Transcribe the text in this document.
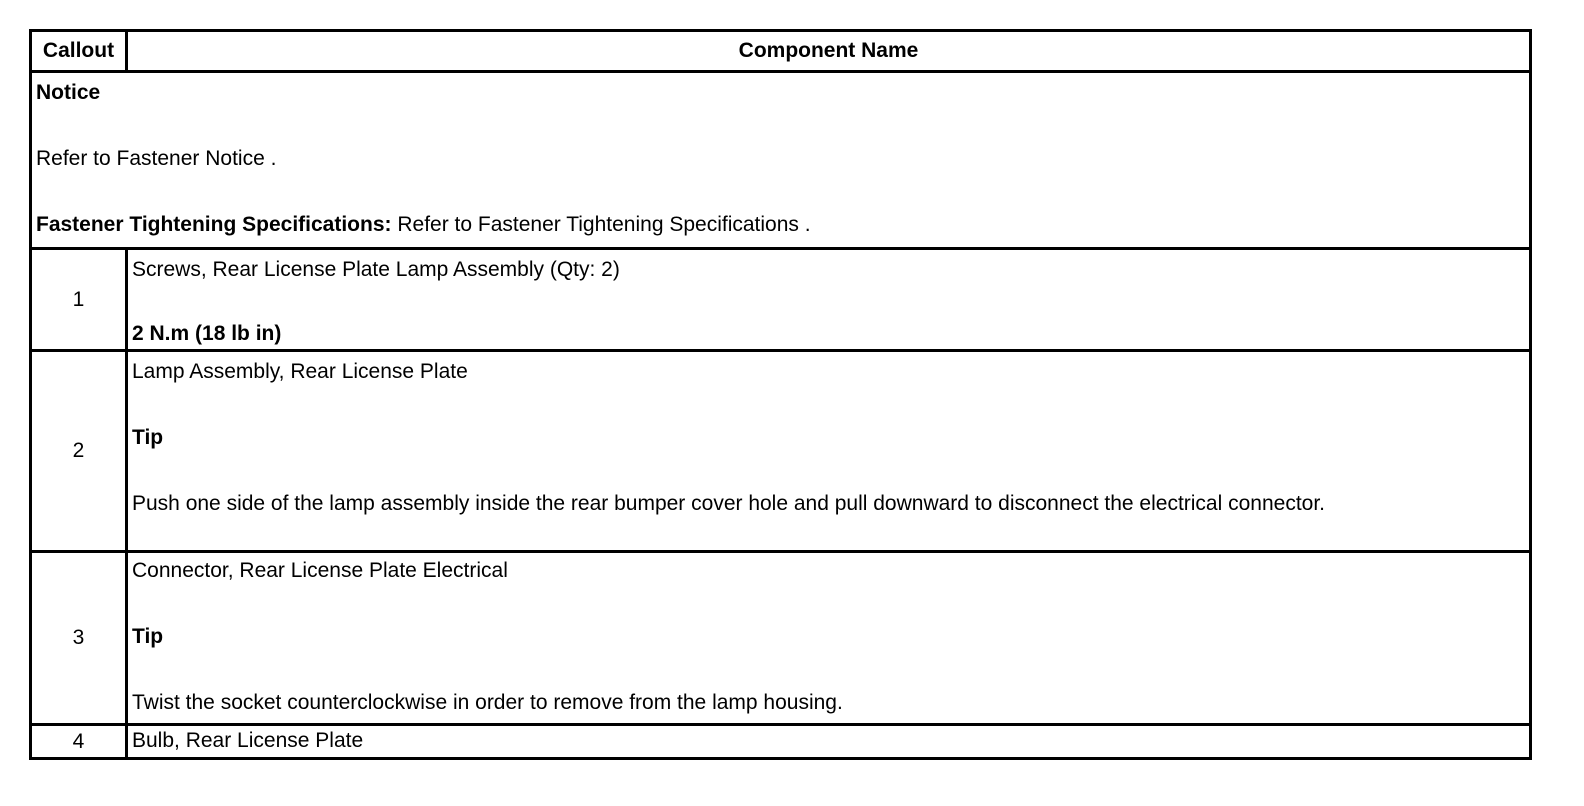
Callout	Component Name

Notice
Refer to Fastener Notice .
Fastener Tightening Specifications: Refer to Fastener Tightening Specifications .	

1	Screws, Rear License Plate Lamp Assembly (Qty: 2)
2 N.m (18 lb in)

2	Lamp Assembly, Rear License Plate
Tip
Push one side of the lamp assembly inside the rear bumper cover hole and pull downward to disconnect the electrical connector.

3	Connector, Rear License Plate Electrical
Tip
Twist the socket counterclockwise in order to remove from the lamp housing.

4	Bulb, Rear License Plate
